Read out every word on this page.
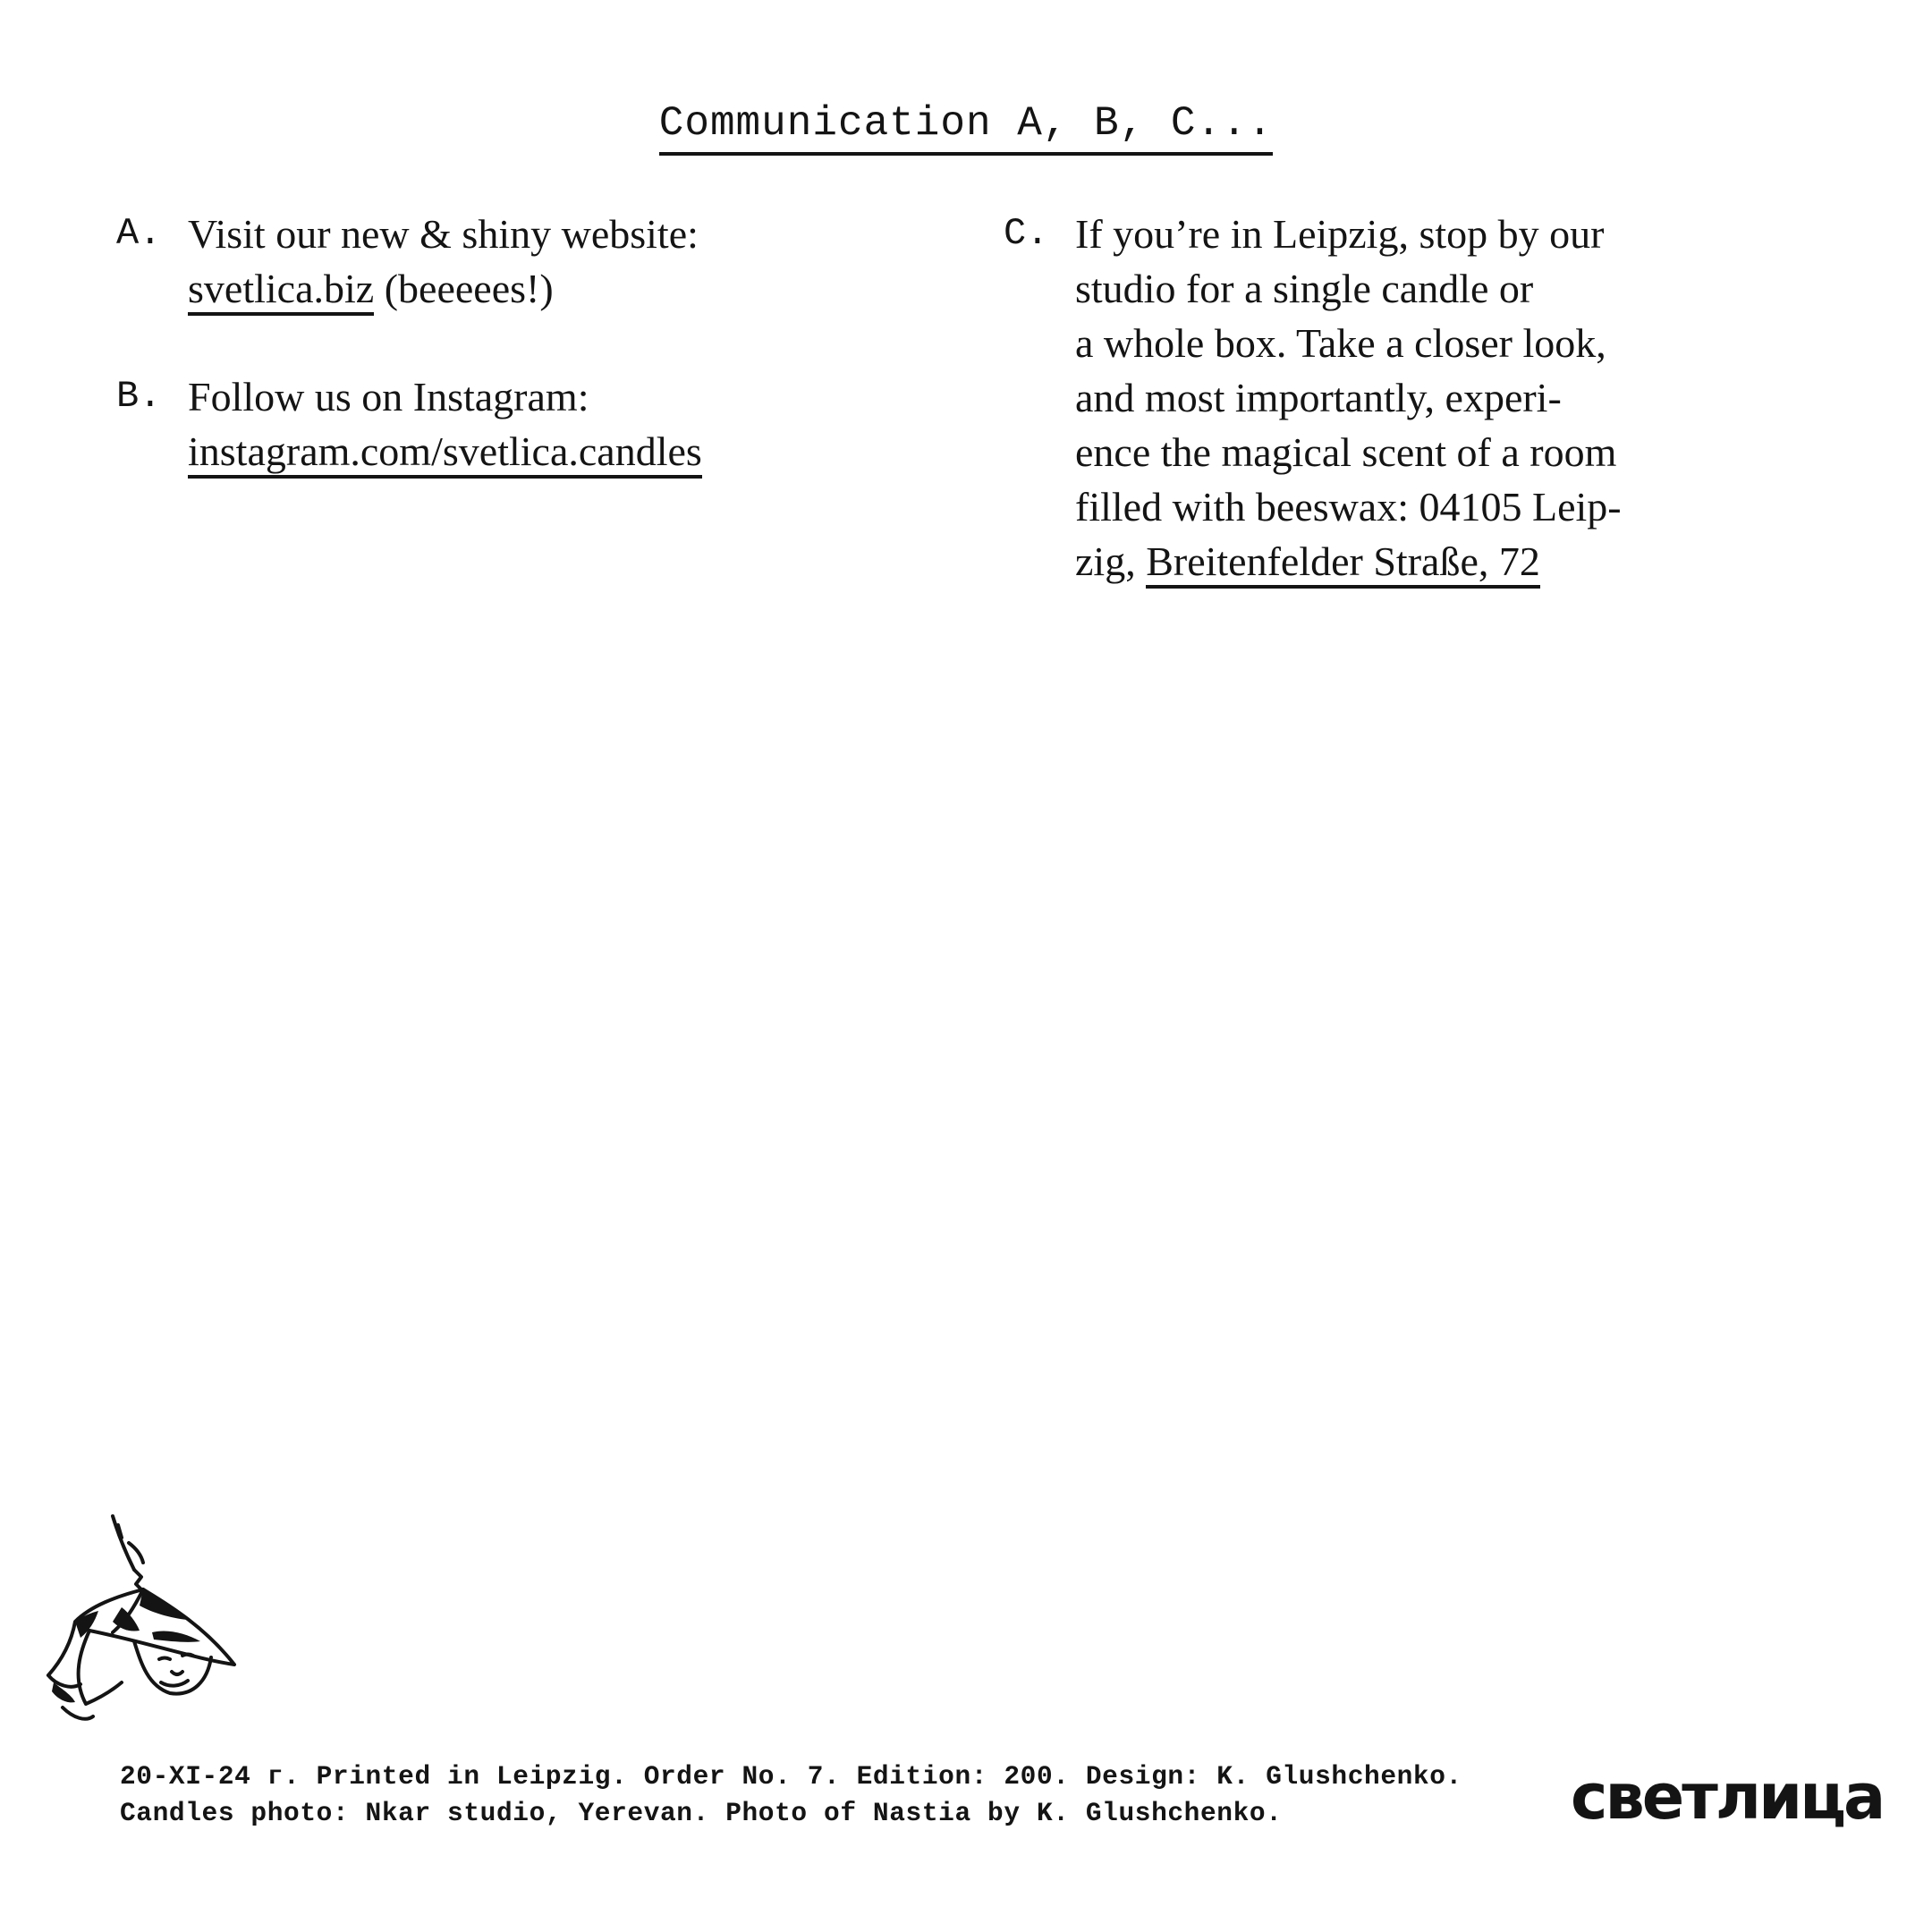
Communication A, B, C...
A. Visit our new & shiny website:
svetlica.biz (beeeees!)
B. Follow us on Instagram:
instagram.com/svetlica.candles
C. If you’re in Leipzig, stop by our
studio for a single candle or
a whole box. Take a closer look,
and most importantly, experi-
ence the magical scent of a room
filled with beeswax: 04105 Leip-
zig, Breitenfelder Straße, 72
20-XI-24 г. Printed in Leipzig. Order No. 7. Edition: 200. Design: K. Glushchenko.
Candles photo: Nkar studio, Yerevan. Photo of Nastia by K. Glushchenko.	светлица
